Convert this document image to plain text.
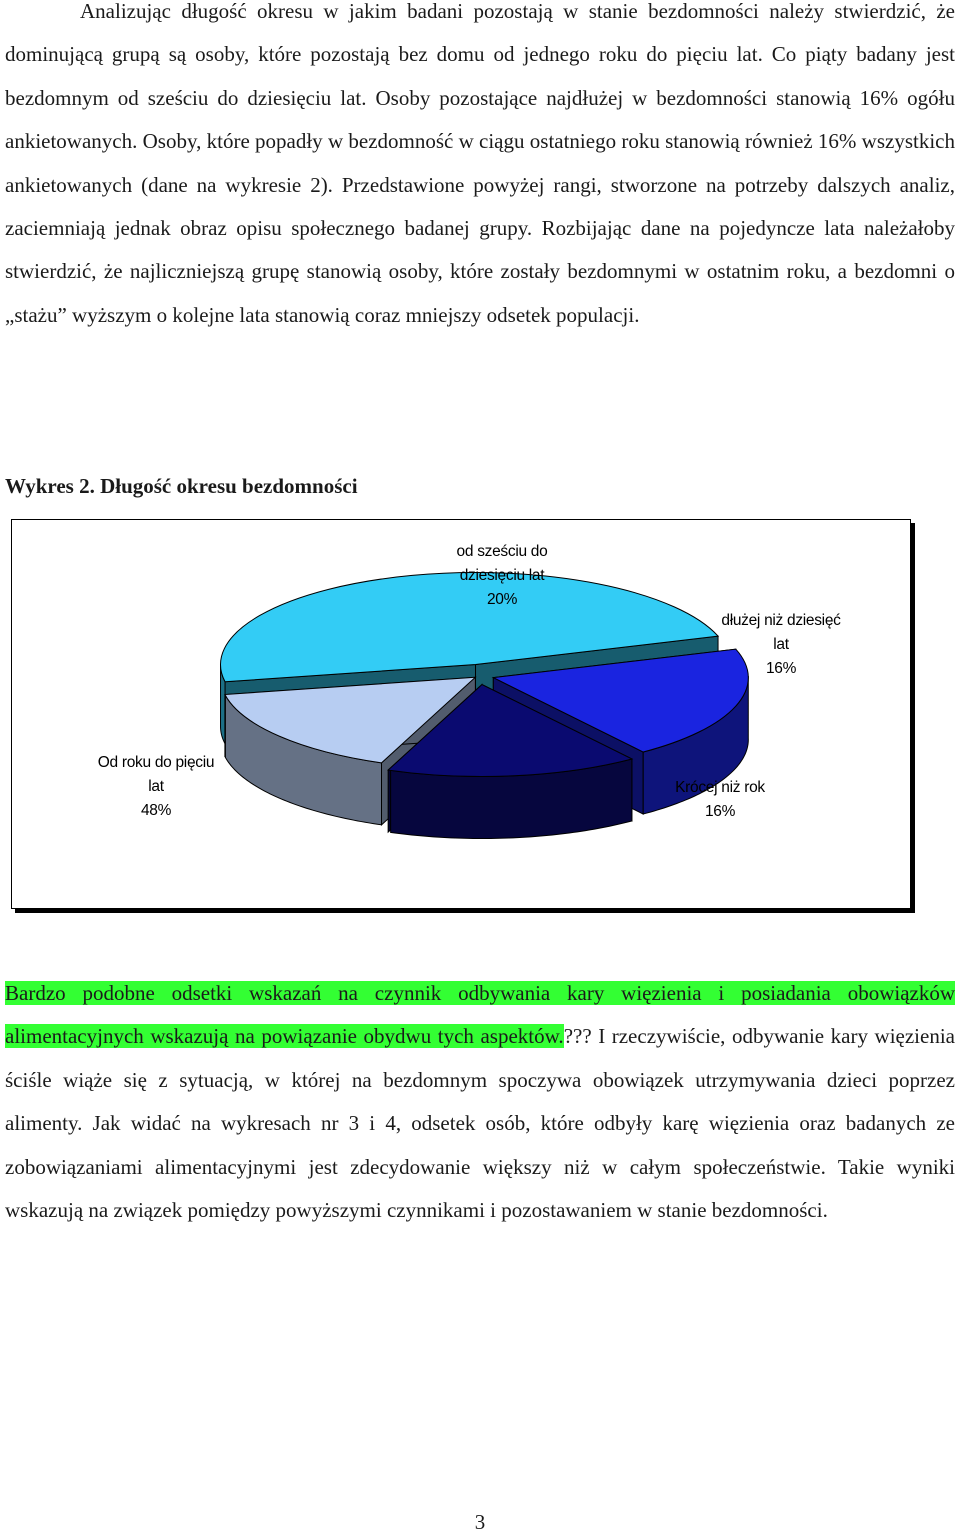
Analizując długość okresu w jakim badani pozostają w stanie bezdomności należy stwierdzić, że dominującą grupą są osoby, które pozostają bez domu od jednego roku do pięciu lat. Co piąty badany jest bezdomnym od sześciu do dziesięciu lat. Osoby pozostające najdłużej w bezdomności stanowią 16% ogółu ankietowanych. Osoby, które popadły w bezdomność w ciągu ostatniego roku stanowią również 16% wszystkich ankietowanych (dane na wykresie 2). Przedstawione powyżej rangi, stworzone na potrzeby dalszych analiz, zaciemniają jednak obraz opisu społecznego badanej grupy. Rozbijając dane na pojedyncze lata należałoby stwierdzić, że najliczniejszą grupę stanowią osoby, które zostały bezdomnymi w ostatnim roku, a bezdomni o „stażu” wyższym o kolejne lata stanowią coraz mniejszy odsetek populacji.

Wykres 2. Długość okresu bezdomności

od sześciu do
dziesięciu lat
20%
dłużej niż dziesięć
lat
16%
Krócej niż rok
16%
Od roku do pięciu
lat
48%

Bardzo podobne odsetki wskazań na czynnik odbywania kary więzienia i posiadania obowiązków alimentacyjnych wskazują na powiązanie obydwu tych aspektów.??? I rzeczywiście, odbywanie kary więzienia ściśle wiąże się z sytuacją, w której na bezdomnym spoczywa obowiązek utrzymywania dzieci poprzez alimenty. Jak widać na wykresach nr 3 i 4, odsetek osób, które odbyły karę więzienia oraz badanych ze zobowiązaniami alimentacyjnymi jest zdecydowanie większy niż w całym społeczeństwie. Takie wyniki wskazują na związek pomiędzy powyższymi czynnikami i pozostawaniem w stanie bezdomności.

3
